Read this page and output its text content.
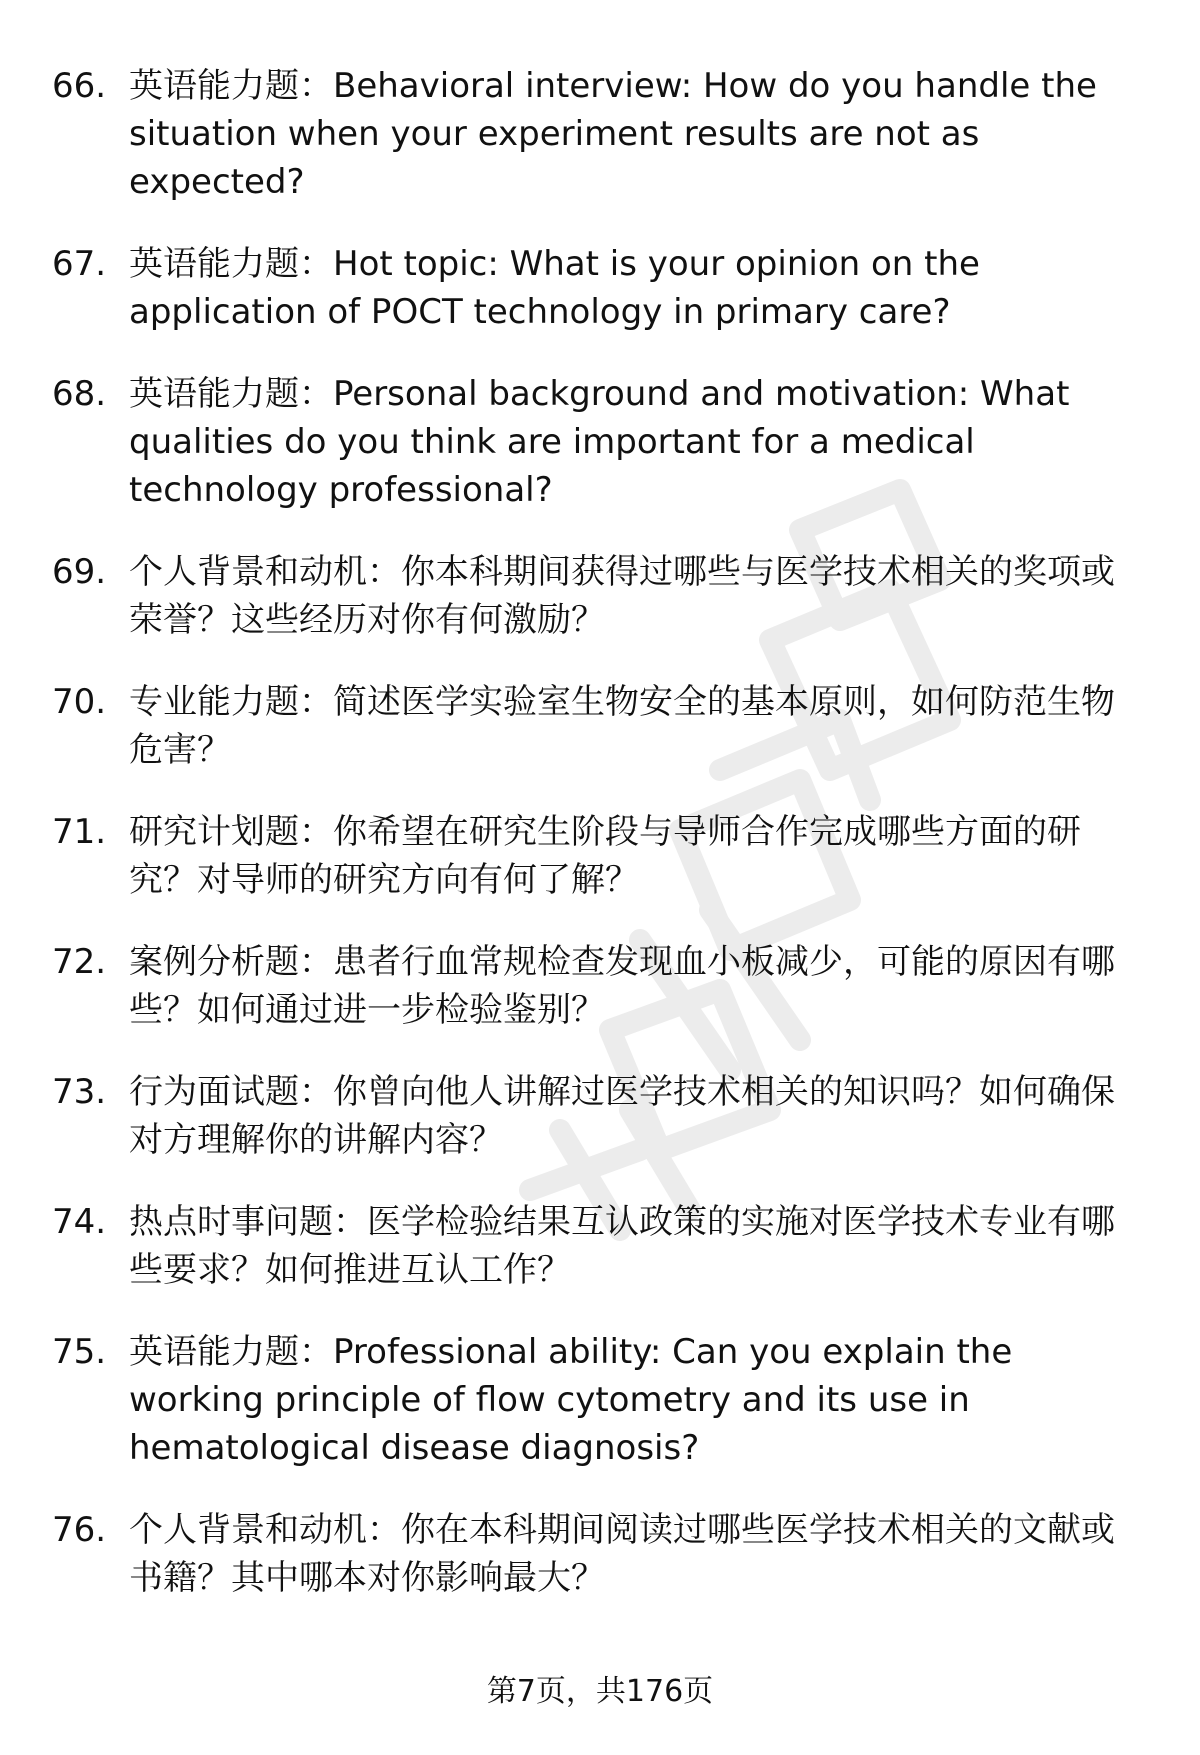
66. 英语能力题：Behavioral interview: How do you handle the situation when your experiment results are not as expected?
67. 英语能力题：Hot topic: What is your opinion on the application of POCT technology in primary care?
68. 英语能力题：Personal background and motivation: What qualities do you think are important for a medical technology professional?
69. 个人背景和动机：你本科期间获得过哪些与医学技术相关的奖项或荣誉？这些经历对你有何激励？
70. 专业能力题：简述医学实验室生物安全的基本原则，如何防范生物危害？
71. 研究计划题：你希望在研究生阶段与导师合作完成哪些方面的研究？对导师的研究方向有何了解？
72. 案例分析题：患者行血常规检查发现血小板减少，可能的原因有哪些？如何通过进一步检验鉴别？
73. 行为面试题：你曾向他人讲解过医学技术相关的知识吗？如何确保对方理解你的讲解内容？
74. 热点时事问题：医学检验结果互认政策的实施对医学技术专业有哪些要求？如何推进互认工作？
75. 英语能力题：Professional ability: Can you explain the working principle of flow cytometry and its use in hematological disease diagnosis?
76. 个人背景和动机：你在本科期间阅读过哪些医学技术相关的文献或书籍？其中哪本对你影响最大？
第7页，共176页
